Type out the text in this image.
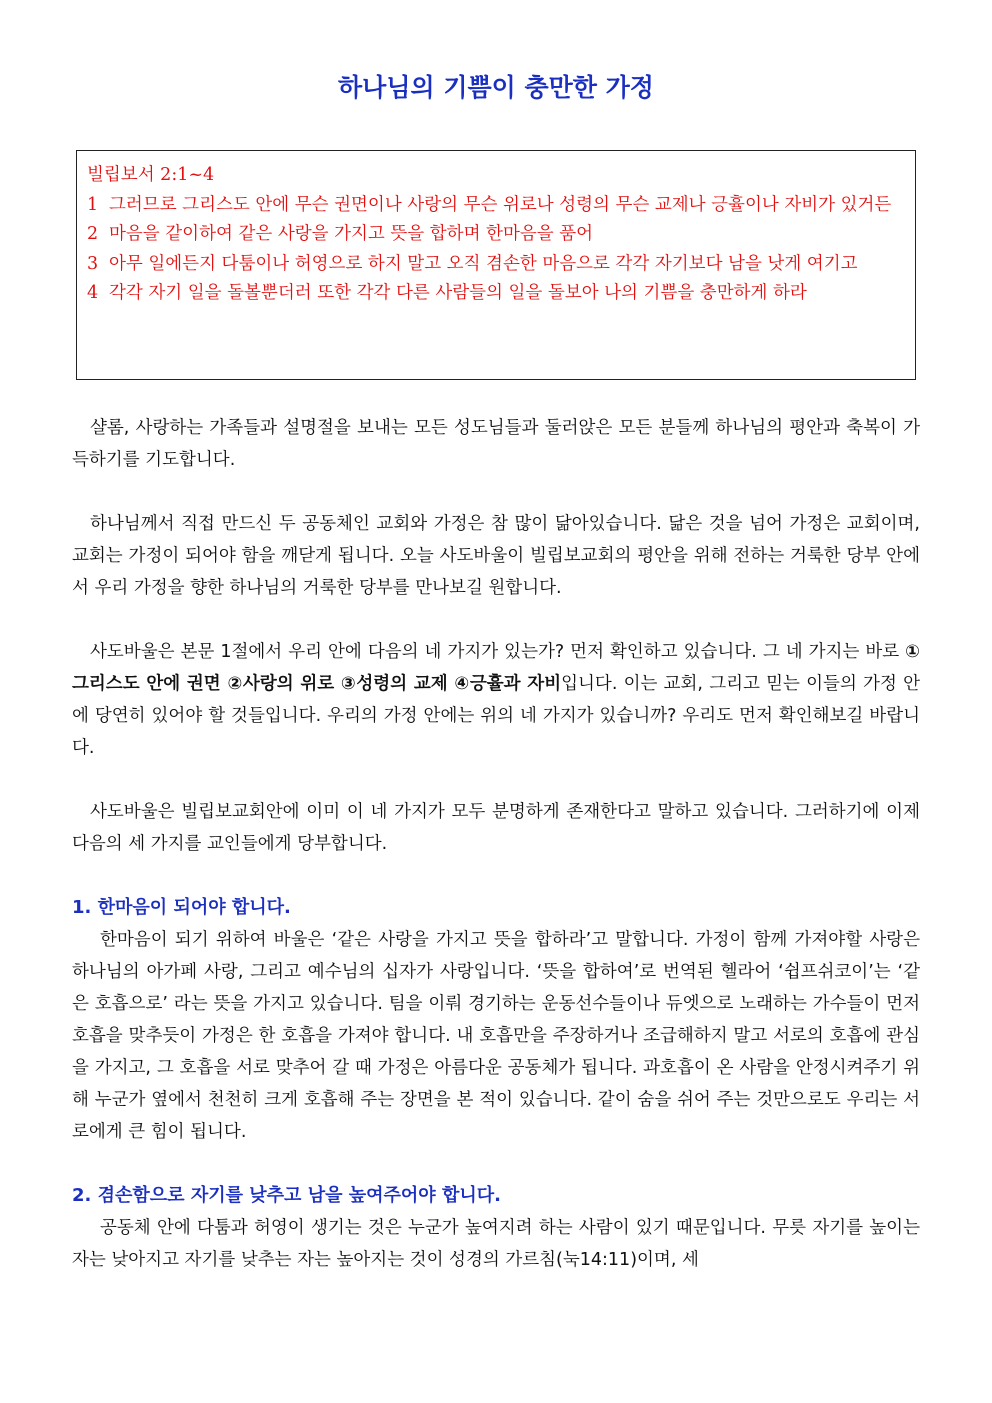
하나님의 기쁨이 충만한 가정

빌립보서 2:1~4

1 그러므로 그리스도 안에 무슨 권면이나 사랑의 무슨 위로나 성령의 무슨 교제나 긍휼이나 자비가 있거든
2 마음을 같이하여 같은 사랑을 가지고 뜻을 합하며 한마음을 품어
3 아무 일에든지 다툼이나 허영으로 하지 말고 오직 겸손한 마음으로 각각 자기보다 남을 낫게 여기고
4 각각 자기 일을 돌볼뿐더러 또한 각각 다른 사람들의 일을 돌보아 나의 기쁨을 충만하게 하라

샬롬, 사랑하는 가족들과 설명절을 보내는 모든 성도님들과 둘러앉은 모든 분들께 하나님의 평안과 축복이 가득하기를 기도합니다.

하나님께서 직접 만드신 두 공동체인 교회와 가정은 참 많이 닮아있습니다. 닮은 것을 넘어 가정은 교회이며, 교회는 가정이 되어야 함을 깨닫게 됩니다. 오늘 사도바울이 빌립보교회의 평안을 위해 전하는 거룩한 당부 안에서 우리 가정을 향한 하나님의 거룩한 당부를 만나보길 원합니다.

사도바울은 본문 1절에서 우리 안에 다음의 네 가지가 있는가? 먼저 확인하고 있습니다. 그 네 가지는 바로 ①그리스도 안에 권면 ②사랑의 위로 ③성령의 교제 ④긍휼과 자비입니다. 이는 교회, 그리고 믿는 이들의 가정 안에 당연히 있어야 할 것들입니다. 우리의 가정 안에는 위의 네 가지가 있습니까? 우리도 먼저 확인해보길 바랍니다.

사도바울은 빌립보교회안에 이미 이 네 가지가 모두 분명하게 존재한다고 말하고 있습니다. 그러하기에 이제 다음의 세 가지를 교인들에게 당부합니다.

1. 한마음이 되어야 합니다.

한마음이 되기 위하여 바울은 ‘같은 사랑을 가지고 뜻을 합하라’고 말합니다. 가정이 함께 가져야할 사랑은 하나님의 아가페 사랑, 그리고 예수님의 십자가 사랑입니다. ‘뜻을 합하여’로 번역된 헬라어 ‘쉽프쉬코이’는 ‘같은 호흡으로’ 라는 뜻을 가지고 있습니다. 팀을 이뤄 경기하는 운동선수들이나 듀엣으로 노래하는 가수들이 먼저 호흡을 맞추듯이 가정은 한 호흡을 가져야 합니다. 내 호흡만을 주장하거나 조급해하지 말고 서로의 호흡에 관심을 가지고, 그 호흡을 서로 맞추어 갈 때 가정은 아름다운 공동체가 됩니다. 과호흡이 온 사람을 안정시켜주기 위해 누군가 옆에서 천천히 크게 호흡해 주는 장면을 본 적이 있습니다. 같이 숨을 쉬어 주는 것만으로도 우리는 서로에게 큰 힘이 됩니다.

2. 겸손함으로 자기를 낮추고 남을 높여주어야 합니다.

공동체 안에 다툼과 허영이 생기는 것은 누군가 높여지려 하는 사람이 있기 때문입니다. 무릇 자기를 높이는 자는 낮아지고 자기를 낮추는 자는 높아지는 것이 성경의 가르침(눅14:11)이며, 세
